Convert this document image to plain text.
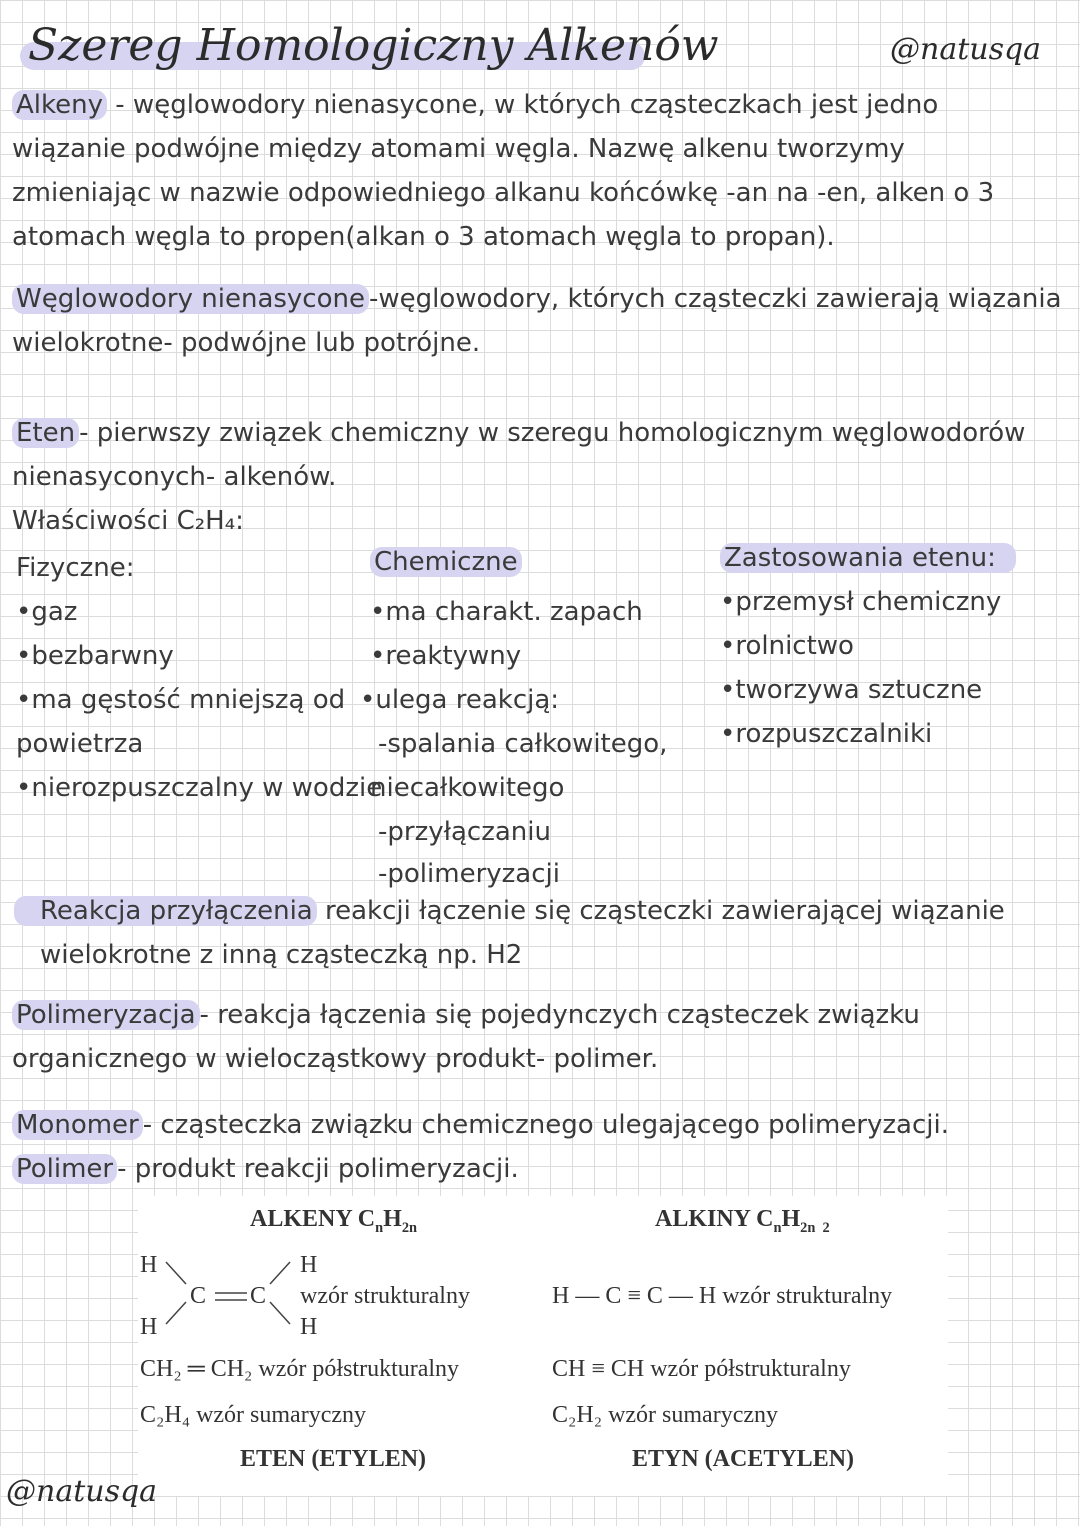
Szereg Homologiczny Alkenów	@natusqa
Alkeny - węglowodory nienasycone, w których cząsteczkach jest jedno
wiązanie podwójne między atomami węgla. Nazwę alkenu tworzymy
zmieniając w nazwie odpowiedniego alkanu końcówkę -an na -en, alken o 3
atomach węgla to propen(alkan o 3 atomach węgla to propan).
Węglowodory nienasycone -węglowodory, których cząsteczki zawierają wiązania
wielokrotne- podwójne lub potrójne.
Eten - pierwszy związek chemiczny w szeregu homologicznym węglowodorów
nienasyconych- alkenów.
Właściwości C₂H₄:
Fizyczne:
•gaz
•bezbarwny
•ma gęstość mniejszą od
powietrza
•nierozpuszczalny w wodzie
Chemiczne
•ma charakt. zapach
•reaktywny
•ulega reakcją:
-spalania całkowitego,
niecałkowitego
-przyłączaniu
-polimeryzacji
Zastosowania etenu:
•przemysł chemiczny
•rolnictwo
•tworzywa sztuczne
•rozpuszczalniki
Reakcja przyłączenia reakcji łączenie się cząsteczki zawierającej wiązanie
wielokrotne z inną cząsteczką np. H2
Polimeryzacja - reakcja łączenia się pojedynczych cząsteczek związku
organicznego w wielocząstkowy produkt- polimer.
Monomer - cząsteczka związku chemicznego ulegającego polimeryzacji.
Polimer - produkt reakcji polimeryzacji.
ALKENY $C_nH_{2n}$	ALKINY $C_nH_{2n 2}$
H
H
C C
H
H
wzór strukturalny
CH₂ ═ CH₂ wzór półstrukturalny
C₂H₄ wzór sumaryczny
ETEN (ETYLEN)
H — C ≡ C — H wzór strukturalny
CH ≡ CH wzór półstrukturalny
C₂H₂ wzór sumaryczny
ETYN (ACETYLEN)
@natusqa
